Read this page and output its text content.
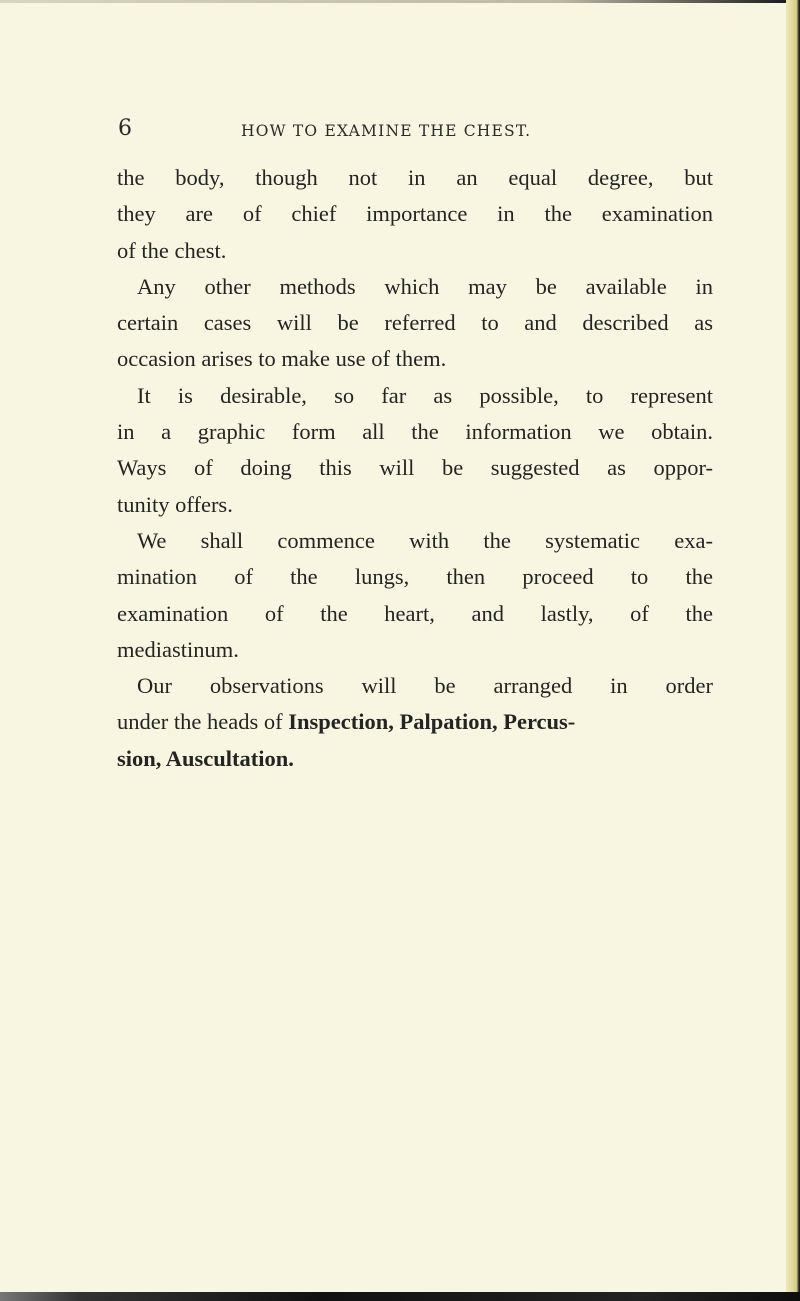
6	HOW TO EXAMINE THE CHEST.
the body, though not in an equal degree, but
they are of chief importance in the examination
of the chest.
Any other methods which may be available in
certain cases will be referred to and described as
occasion arises to make use of them.
It is desirable, so far as possible, to represent
in a graphic form all the information we obtain.
Ways of doing this will be suggested as oppor-
tunity offers.
We shall commence with the systematic exa-
mination of the lungs, then proceed to the
examination of the heart, and lastly, of the
mediastinum.
Our observations will be arranged in order
under the heads of Inspection, Palpation, Percus-
sion, Auscultation.
